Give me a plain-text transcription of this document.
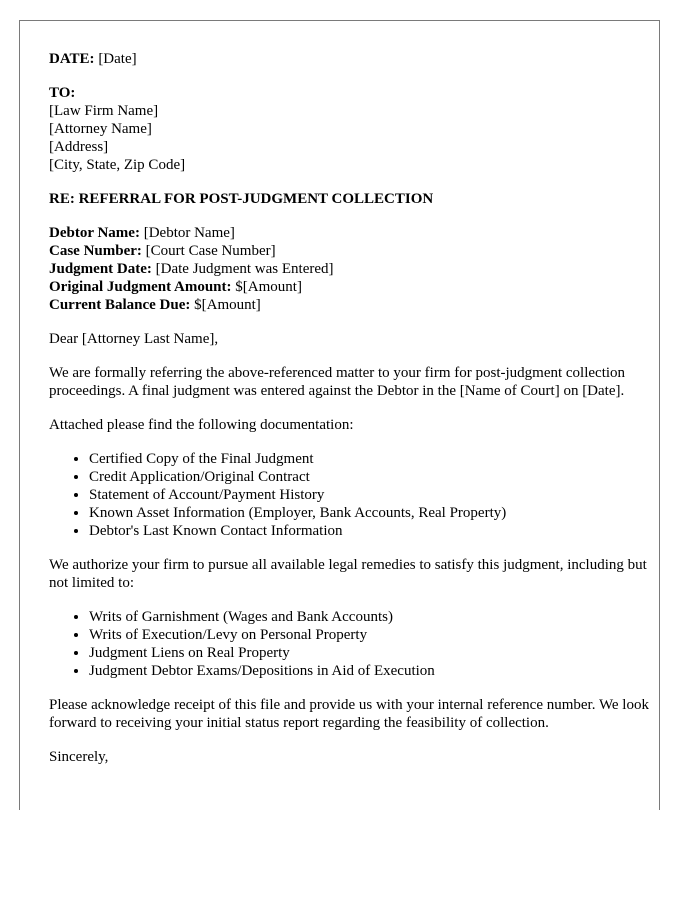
DATE: [Date]

TO:
[Law Firm Name]
[Attorney Name]
[Address]
[City, State, Zip Code]

RE: REFERRAL FOR POST-JUDGMENT COLLECTION

Debtor Name: [Debtor Name]
Case Number: [Court Case Number]
Judgment Date: [Date Judgment was Entered]
Original Judgment Amount: $[Amount]
Current Balance Due: $[Amount]

Dear [Attorney Last Name],

We are formally referring the above-referenced matter to your firm for post-judgment collection proceedings. A final judgment was entered against the Debtor in the [Name of Court] on [Date].

Attached please find the following documentation:

• Certified Copy of the Final Judgment
• Credit Application/Original Contract
• Statement of Account/Payment History
• Known Asset Information (Employer, Bank Accounts, Real Property)
• Debtor's Last Known Contact Information

We authorize your firm to pursue all available legal remedies to satisfy this judgment, including but not limited to:

• Writs of Garnishment (Wages and Bank Accounts)
• Writs of Execution/Levy on Personal Property
• Judgment Liens on Real Property
• Judgment Debtor Exams/Depositions in Aid of Execution

Please acknowledge receipt of this file and provide us with your internal reference number. We look forward to receiving your initial status report regarding the feasibility of collection.

Sincerely,
